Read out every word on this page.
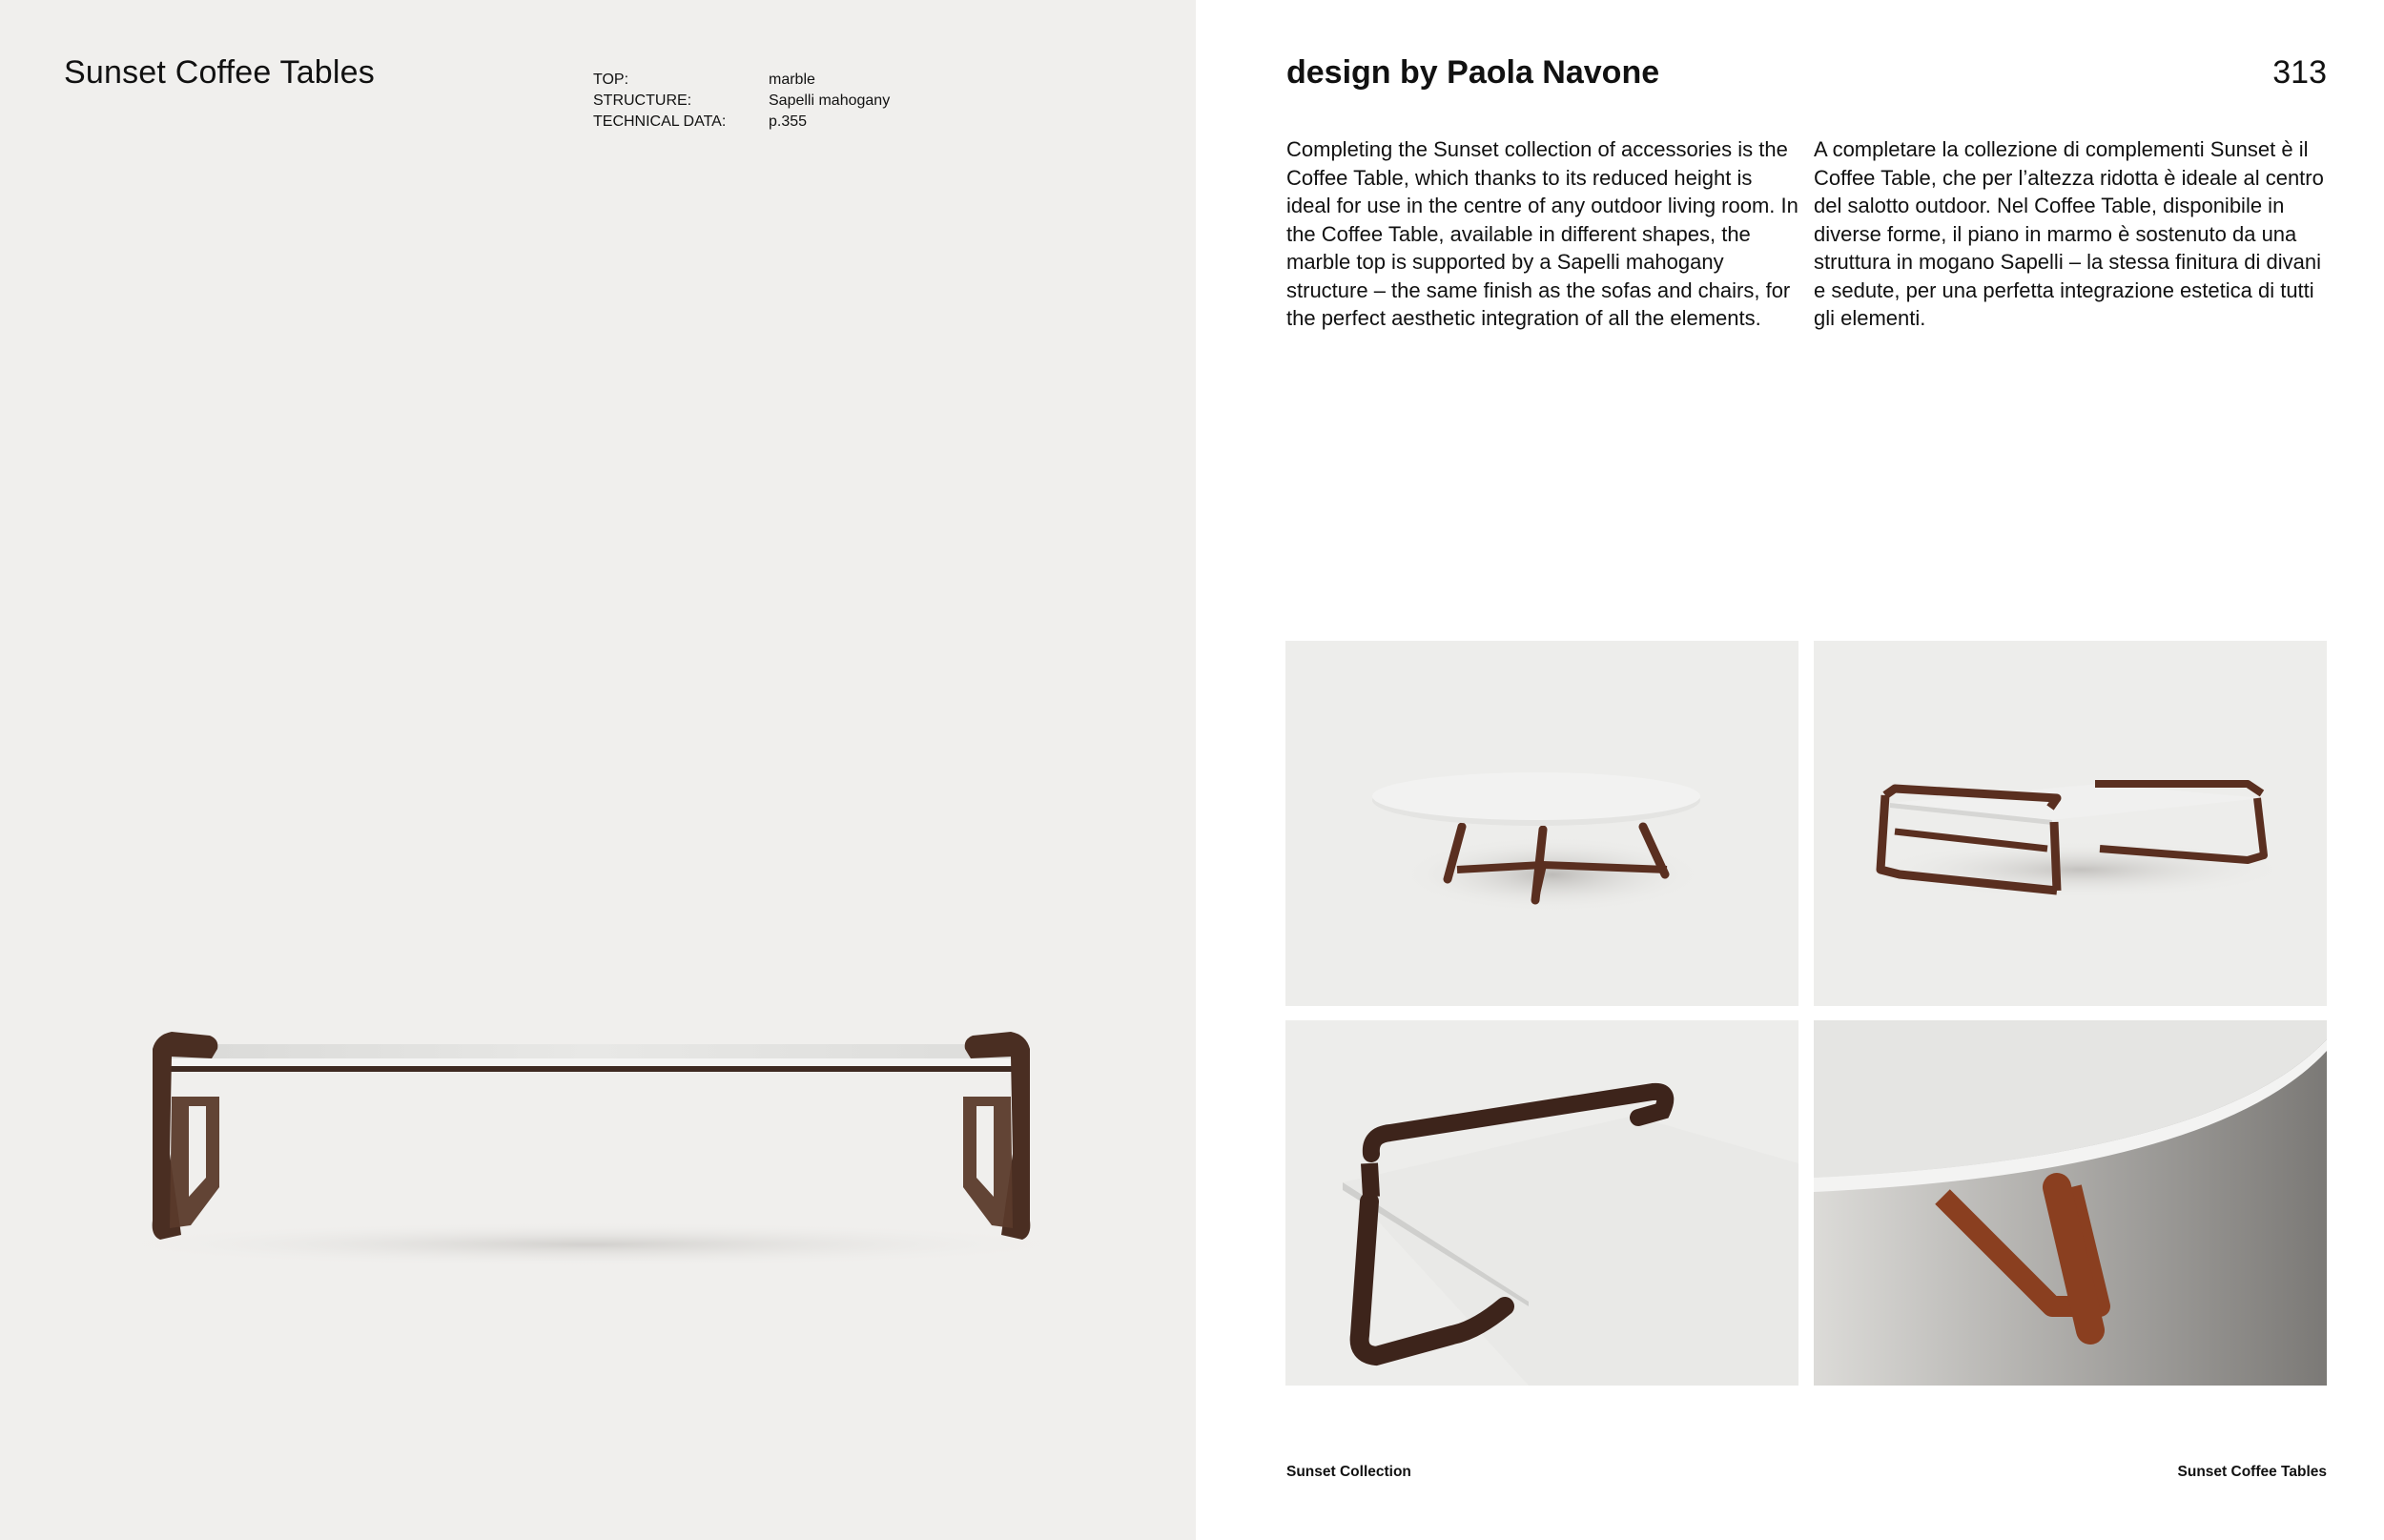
Sunset Coffee Tables	TOP:	marble
STRUCTURE:	Sapelli mahogany
TECHNICAL DATA:	p.355
design by Paola Navone	313

Completing the Sunset collection of accessories is the Coffee Table, which thanks to its reduced height is ideal for use in the centre of any outdoor living room. In the Coffee Table, available in different shapes, the marble top is supported by a Sapelli mahogany structure – the same finish as the sofas and chairs, for the perfect aesthetic integration of all the elements.

A completare la collezione di complementi Sunset è il Coffee Table, che per l’altezza ridotta è ideale al centro del salotto outdoor. Nel Coffee Table, disponibile in diverse forme, il piano in marmo è sostenuto da una struttura in mogano Sapelli – la stessa finitura di divani e sedute, per una perfetta integrazione estetica di tutti gli elementi.

Sunset Collection	Sunset Coffee Tables
